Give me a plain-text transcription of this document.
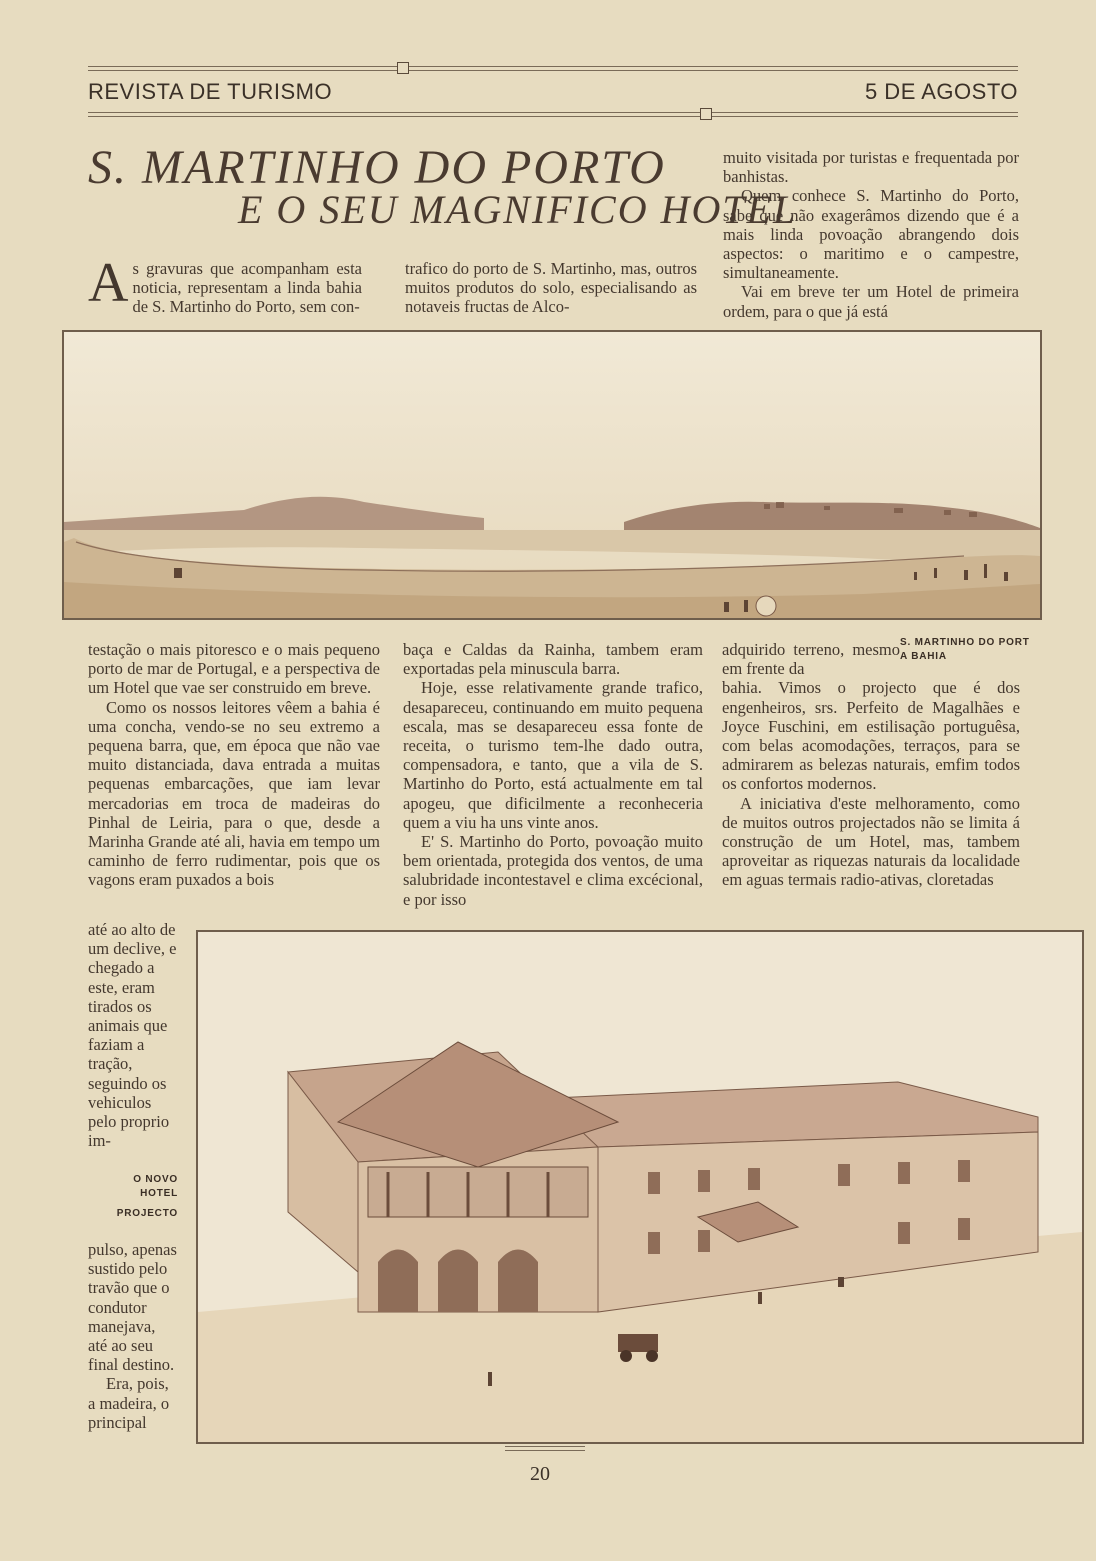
REVISTA DE TURISMO	5 DE AGOSTO
S. MARTINHO DO PORTO
E O SEU MAGNIFICO HOTEL

As gravuras que acompanham esta noticia, representam a linda bahia de S. Martinho do Porto, sem con-

trafico do porto de S. Martinho, mas, outros muitos produtos do solo, especialisando as notaveis fructas de Alco-

muito visitada por turistas e frequentada por banhistas.

Quem conhece S. Martinho do Porto, sabe que não exagerâmos dizendo que é a mais linda povoação abrangendo dois aspectos: o maritimo e o campestre, simultaneamente.

Vai em breve ter um Hotel de primeira ordem, para o que já está

S. MARTINHO DO PORT
A BAHIA

testação o mais pitoresco e o mais pequeno porto de mar de Portugal, e a perspectiva de um Hotel que vae ser construido em breve.

Como os nossos leitores vêem a bahia é uma concha, vendo-se no seu extremo a pequena barra, que, em época que não vae muito distanciada, dava entrada a muitas pequenas embarcações, que iam levar mercadorias em troca de madeiras do Pinhal de Leiria, para o que, desde a Marinha Grande até ali, havia em tempo um caminho de ferro rudimentar, pois que os vagons eram puxados a bois

até ao alto de um declive, e chegado a este, eram tirados os animais que faziam a tração, seguindo os vehiculos pelo proprio im-

O NOVO HOTEL
PROJECTO

pulso, apenas sustido pelo travão que o condutor manejava, até ao seu final destino.

Era, pois, a madeira, o principal

baça e Caldas da Rainha, tambem eram exportadas pela minuscula barra.

Hoje, esse relativamente grande trafico, desapareceu, continuando em muito pequena escala, mas se desapareceu essa fonte de receita, o turismo tem-lhe dado outra, compensadora, e tanto, que a vila de S. Martinho do Porto, está actualmente em tal apogeu, que dificilmente a reconheceria quem a viu ha uns vinte anos.

E' S. Martinho do Porto, povoação muito bem orientada, protegida dos ventos, de uma salubridade incontestavel e clima excécional, e por isso

adquirido terreno, mesmo em frente da

bahia. Vimos o projecto que é dos engenheiros, srs. Perfeito de Magalhães e Joyce Fuschini, em estilisação portuguêsa, com belas acomodações, terraços, para se admirarem as belezas naturais, emfim todos os confortos modernos.

A iniciativa d'este melhoramento, como de muitos outros projectados não se limita á construção de um Hotel, mas, tambem aproveitar as riquezas naturais da localidade em aguas termais radio-ativas, cloretadas

20
